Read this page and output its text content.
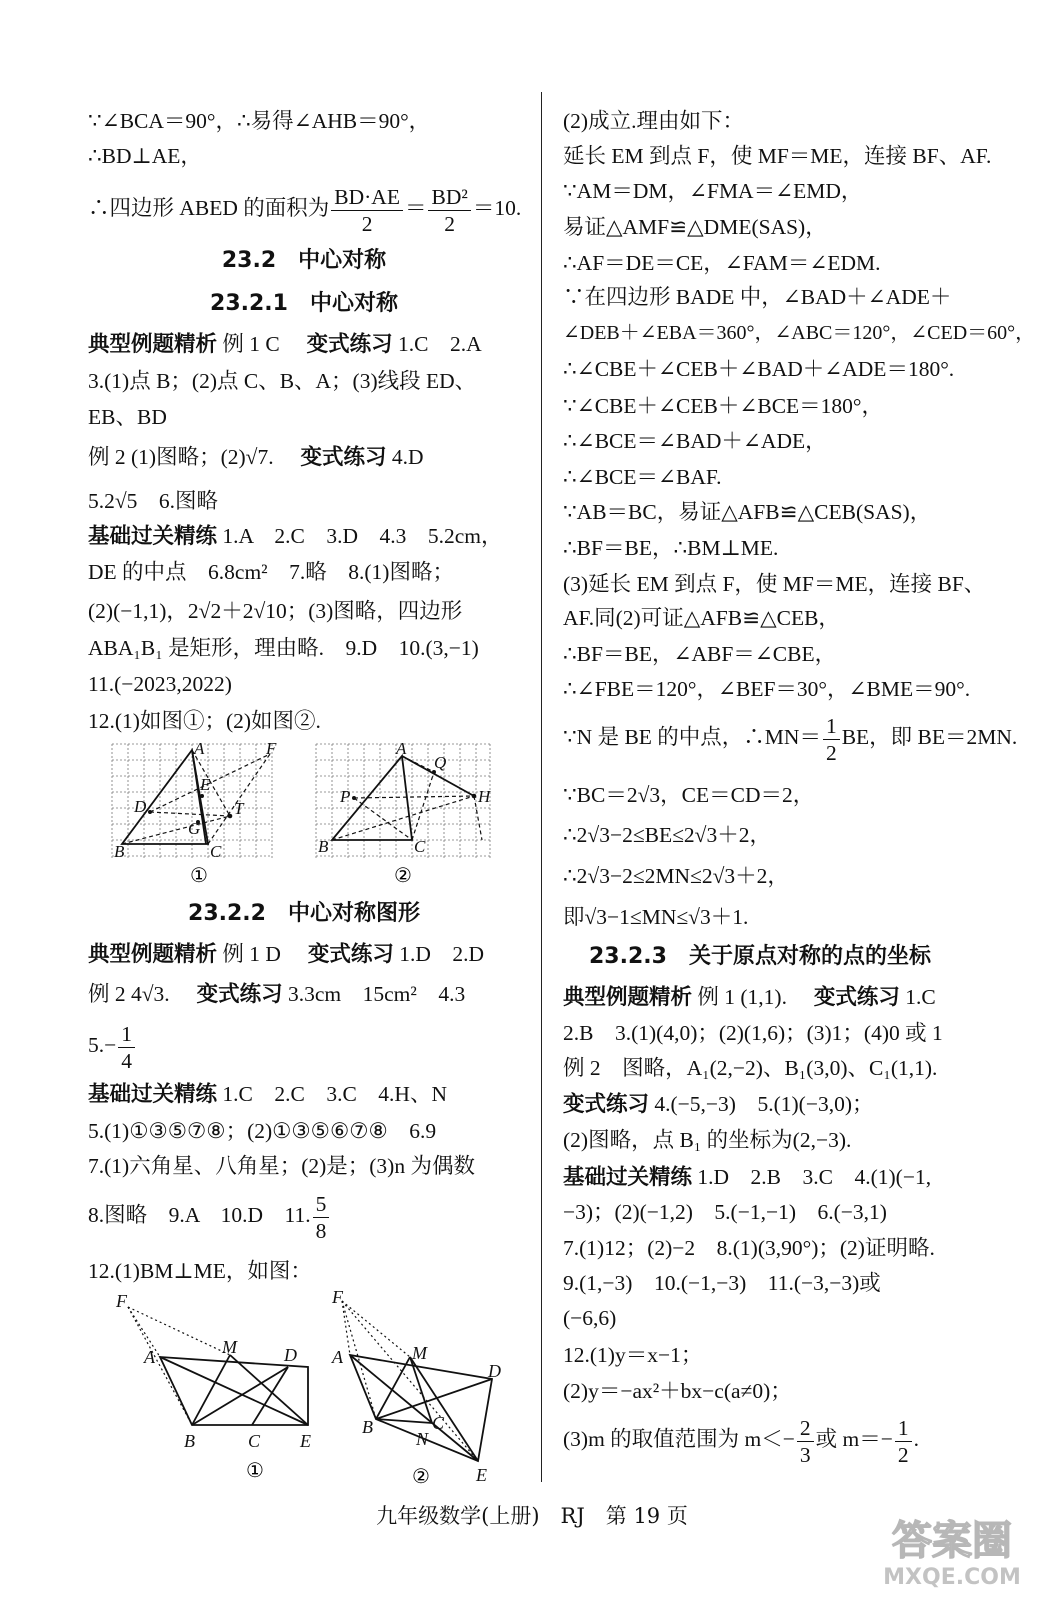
∵∠BCA＝90°，∴易得∠AHB＝90°，
∴BD⊥AE，
∴四边形 ABED 的面积为 $\frac{BD\cdot AE}{2} = \frac{\text{BD²}}{2} =10$.
23.2　中心对称
23.2.1　中心对称
典型例题精析 例 1 C　 变式练习 1.C　2.A
3.(1)点 B；(2)点 C、B、A；(3)线段 ED、
EB、BD
例 2 (1)图略；(2)√7.　 变式练习 4.D
5.2√5　6.图略
基础过关精练 1.A　2.C　3.D　4.3　5.2cm，
DE 的中点　6.8cm²　7.略　8.(1)图略；
(2)(−1,1)，2√2＋2√10；(3)图略，四边形
ABA₁B₁ 是矩形，理由略.　9.D　10.(3,−1)
11.(−2023,2022)
12.(1)如图①；(2)如图②.
A	F
E
D	T
G
B	C
①
A
Q
P	H
B	C
②
23.2.2　中心对称图形
典型例题精析 例 1 D　 变式练习 1.D　2.D
例 2 4√3.　 变式练习 3.3cm　15cm²　4.3
$5.- \frac{1}{4}$
基础过关精练 1.C　2.C　3.C　4.H、N
5.(1)①③⑤⑦⑧；(2)①③⑤⑥⑦⑧　6.9
7.(1)六角星、八角星；(2)是；(3)n 为偶数
8.图略　9.A　10.D　11. $\frac{5}{8}$
12.(1)BM⊥ME，如图：
F
A	M	D
B	C E
①
F
A	M
D
B
N
C
E
②
(2)成立.理由如下：
延长 EM 到点 F，使 MF＝ME，连接 BF、AF.
∵AM＝DM，∠FMA＝∠EMD，
易证△AMF≌△DME(SAS)，
∴AF＝DE＝CE，∠FAM＝∠EDM.
∵在四边形 BADE 中，∠BAD＋∠ADE＋
∠DEB＋∠EBA＝360°，∠ABC＝120°，∠CED＝60°，
∴∠CBE＋∠CEB＋∠BAD＋∠ADE＝180°.
∵∠CBE＋∠CEB＋∠BCE＝180°，
∴∠BCE＝∠BAD＋∠ADE，
∴∠BCE＝∠BAF.
∵AB＝BC，易证△AFB≌△CEB(SAS)，
∴BF＝BE，∴BM⊥ME.
(3)延长 EM 到点 F，使 MF＝ME，连接 BF、
AF.同(2)可证△AFB≌△CEB，
∴BF＝BE，∠ABF＝∠CBE，
∴∠FBE＝120°，∠BEF＝30°，∠BME＝90°.
∵N 是 BE 的中点，∴MN＝ $\frac{1}{2}$ BE，即 BE＝2MN.
∵BC＝2√3，CE＝CD＝2，
∴2√3−2≤BE≤2√3＋2，
∴2√3−2≤2MN≤2√3＋2，
即√3−1≤MN≤√3＋1.
23.2.3　关于原点对称的点的坐标
典型例题精析 例 1 (1,1).　 变式练习 1.C
2.B　3.(1)(4,0)；(2)(1,6)；(3)1；(4)0 或 1
例 2　图略，A₁(2,−2)、B₁(3,0)、C₁(1,1).
变式练习 4.(−5,−3)　5.(1)(−3,0)；
(2)图略，点 B₁ 的坐标为(2,−3).
基础过关精练 1.D　2.B　3.C　4.(1)(−1,
−3)；(2)(−1,2)　5.(−1,−1)　6.(−3,1)
7.(1)12；(2)−2　8.(1)(3,90°)；(2)证明略.
9.(1,−3)　10.(−1,−3)　11.(−3,−3)或
(−6,6)
12.(1)y＝x−1；
(2)y＝−ax²＋bx−c(a≠0)；
(3)m 的取值范围为 $m<- \frac{2}{3}$ 或 $m=- \frac{1}{2}$ .
九年级数学(上册)　RJ　第 19 页
答案圈
MXQE.COM
